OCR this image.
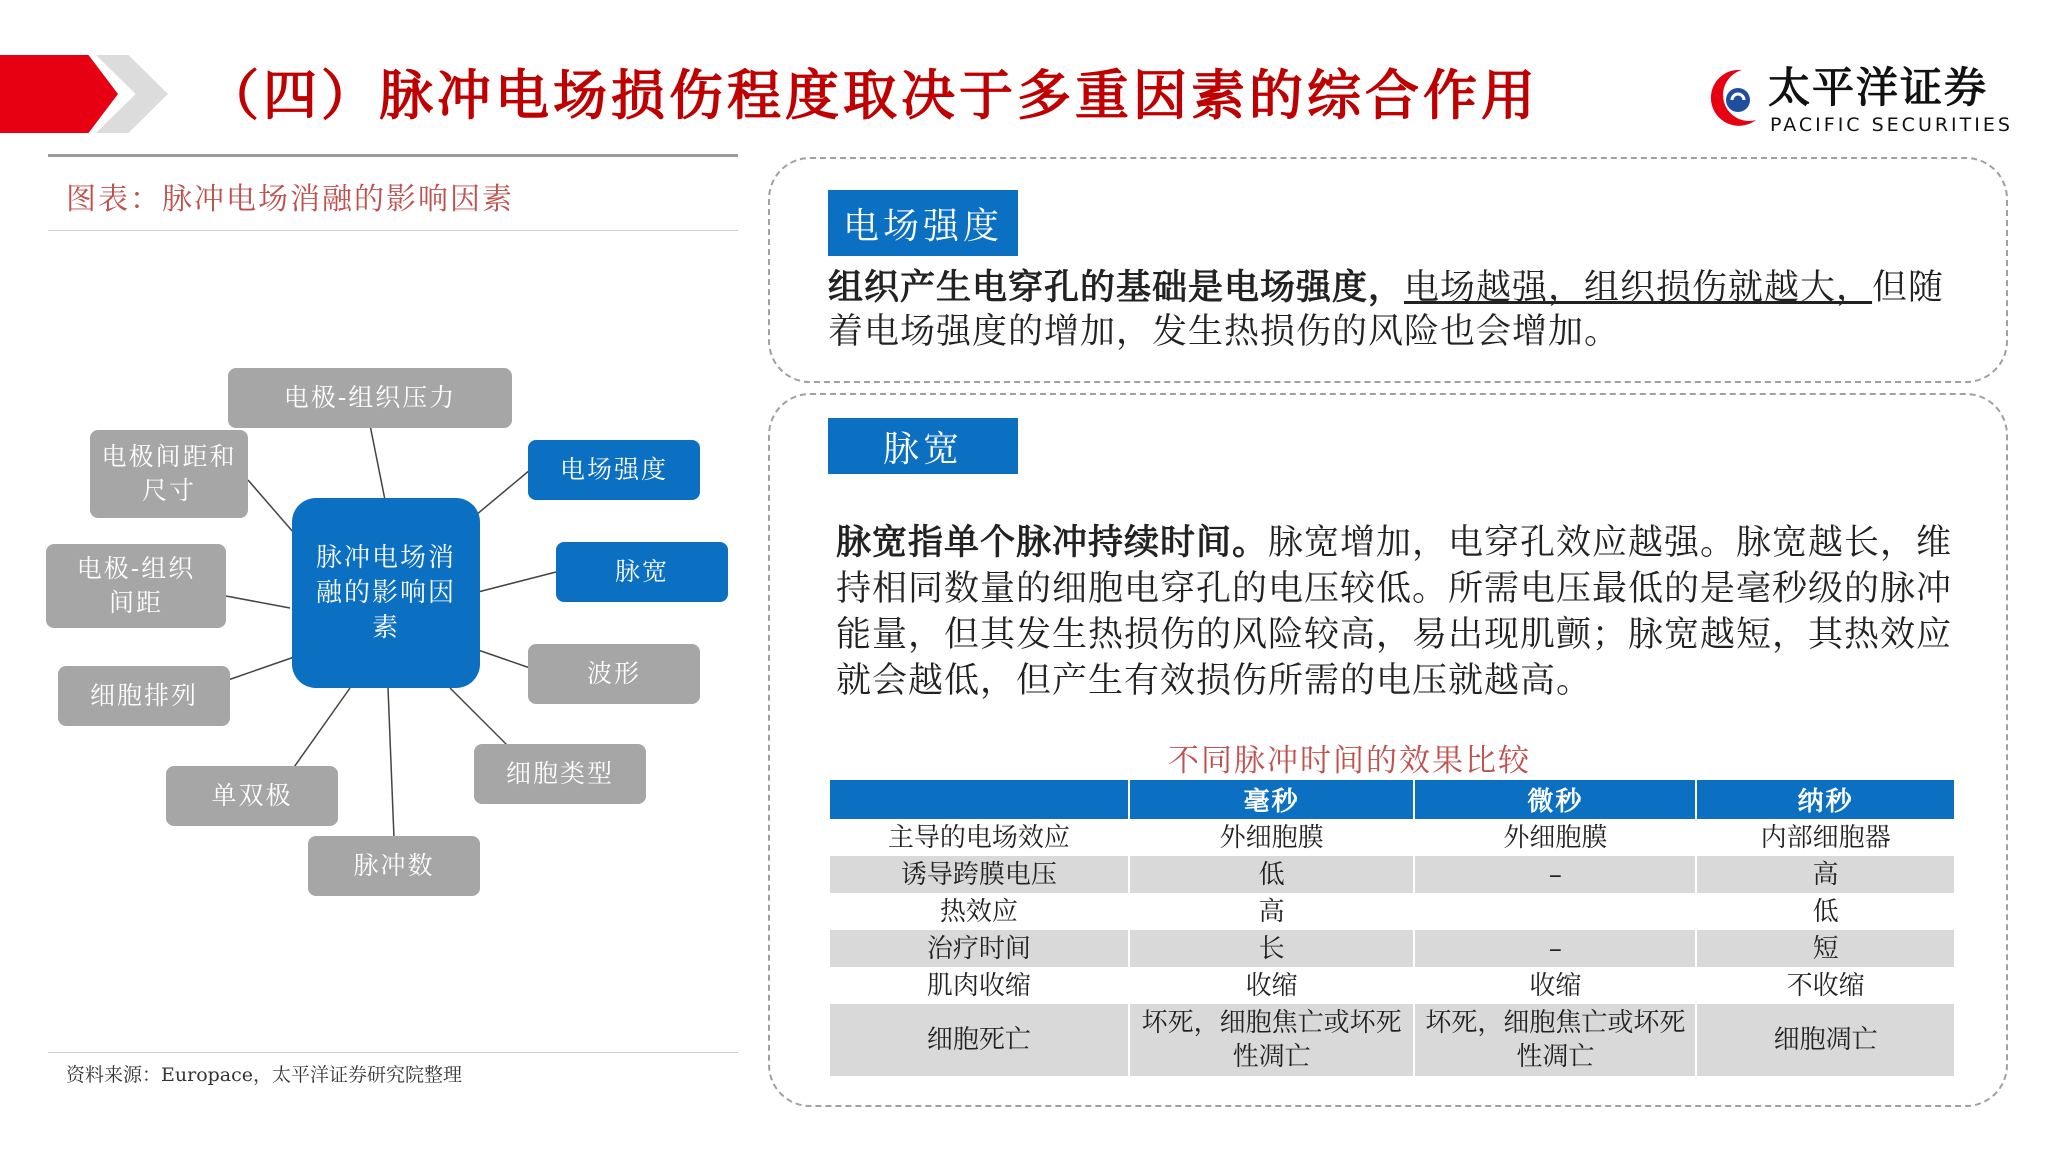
（四）脉冲电场损伤程度取决于多重因素的综合作用	太平洋证券
PACIFIC SECURITIES
图表：脉冲电场消融的影响因素
电极-组织压力
电场强度
电极间距和尺寸
脉宽
电极-组织间距
波形
细胞排列
细胞类型
单双极
脉冲数
脉冲电场消融的影响因素
资料来源：Europace，太平洋证券研究院整理
电场强度
组织产生电穿孔的基础是电场强度，电场越强，组织损伤就越大，但随着电场强度的增加，发生热损伤的风险也会增加。
脉宽
脉宽指单个脉冲持续时间。脉宽增加，电穿孔效应越强。脉宽越长，维持相同数量的细胞电穿孔的电压较低。所需电压最低的是毫秒级的脉冲能量，但其发生热损伤的风险较高，易出现肌颤；脉宽越短，其热效应就会越低，但产生有效损伤所需的电压就越高。
不同脉冲时间的效果比较
	毫秒	微秒	纳秒
主导的电场效应	外细胞膜	外细胞膜	内部细胞器
诱导跨膜电压	低	–	高
热效应	高		低
治疗时间	长	–	短
肌肉收缩	收缩	收缩	不收缩
细胞死亡	坏死，细胞焦亡或坏死性凋亡	坏死，细胞焦亡或坏死性凋亡	细胞凋亡
